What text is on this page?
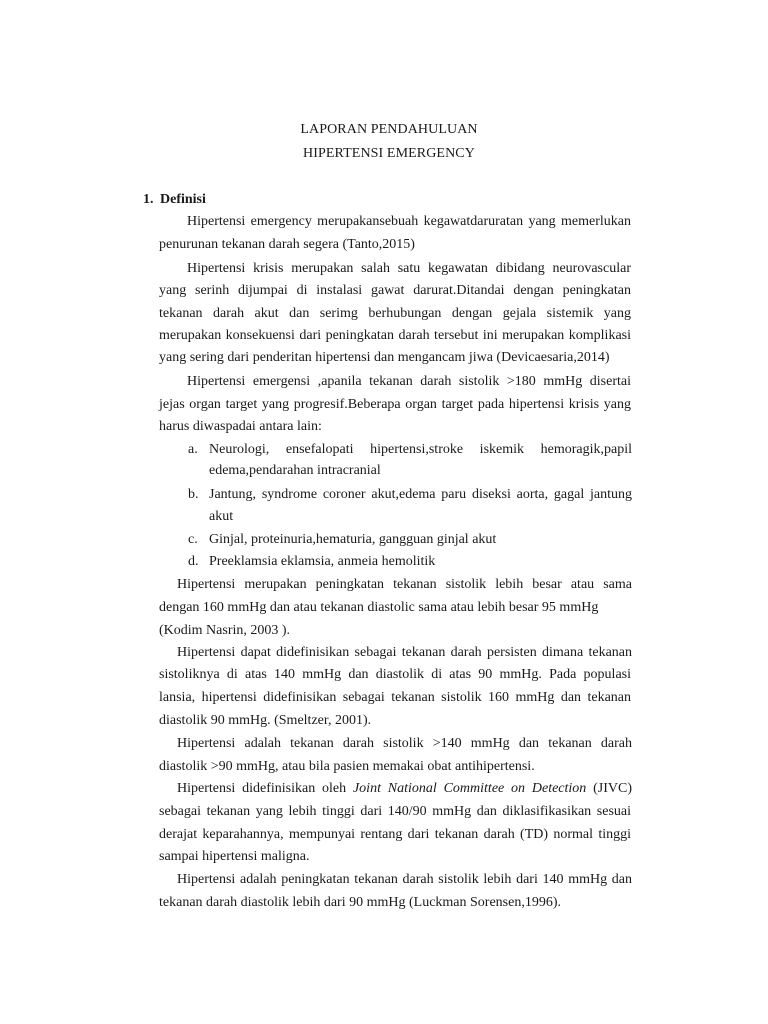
LAPORAN PENDAHULUAN
HIPERTENSI EMERGENCY
1. Definisi
Hipertensi emergency merupakansebuah kegawatdaruratan yang memerlukan
penurunan tekanan darah segera (Tanto,2015)
Hipertensi krisis merupakan salah satu kegawatan dibidang neurovascular
yang serinh dijumpai di instalasi gawat darurat.Ditandai dengan peningkatan
tekanan darah akut dan serimg berhubungan dengan gejala sistemik yang
merupakan konsekuensi dari peningkatan darah tersebut ini merupakan komplikasi
yang sering dari penderitan hipertensi dan mengancam jiwa (Devicaesaria,2014)
Hipertensi emergensi ,apanila tekanan darah sistolik >180 mmHg disertai
jejas organ target yang progresif.Beberapa organ target pada hipertensi krisis yang
harus diwaspadai antara lain:
a. Neurologi, ensefalopati hipertensi,stroke iskemik hemoragik,papil
edema,pendarahan intracranial
b. Jantung, syndrome coroner akut,edema paru diseksi aorta, gagal jantung
akut
c. Ginjal, proteinuria,hematuria, gangguan ginjal akut
d. Preeklamsia eklamsia, anmeia hemolitik
Hipertensi merupakan peningkatan tekanan sistolik lebih besar atau sama
dengan 160 mmHg dan atau tekanan diastolic sama atau lebih besar 95 mmHg
(Kodim Nasrin, 2003 ).
Hipertensi dapat didefinisikan sebagai tekanan darah persisten dimana tekanan
sistoliknya di atas 140 mmHg dan diastolik di atas 90 mmHg. Pada populasi
lansia, hipertensi didefinisikan sebagai tekanan sistolik 160 mmHg dan tekanan
diastolik 90 mmHg. (Smeltzer, 2001).
Hipertensi adalah tekanan darah sistolik >140 mmHg dan tekanan darah
diastolik >90 mmHg, atau bila pasien memakai obat antihipertensi.
Hipertensi didefinisikan oleh Joint National Committee on Detection (JIVC)
sebagai tekanan yang lebih tinggi dari 140/90 mmHg dan diklasifikasikan sesuai
derajat keparahannya, mempunyai rentang dari tekanan darah (TD) normal tinggi
sampai hipertensi maligna.
Hipertensi adalah peningkatan tekanan darah sistolik lebih dari 140 mmHg dan
tekanan darah diastolik lebih dari 90 mmHg (Luckman Sorensen,1996).
